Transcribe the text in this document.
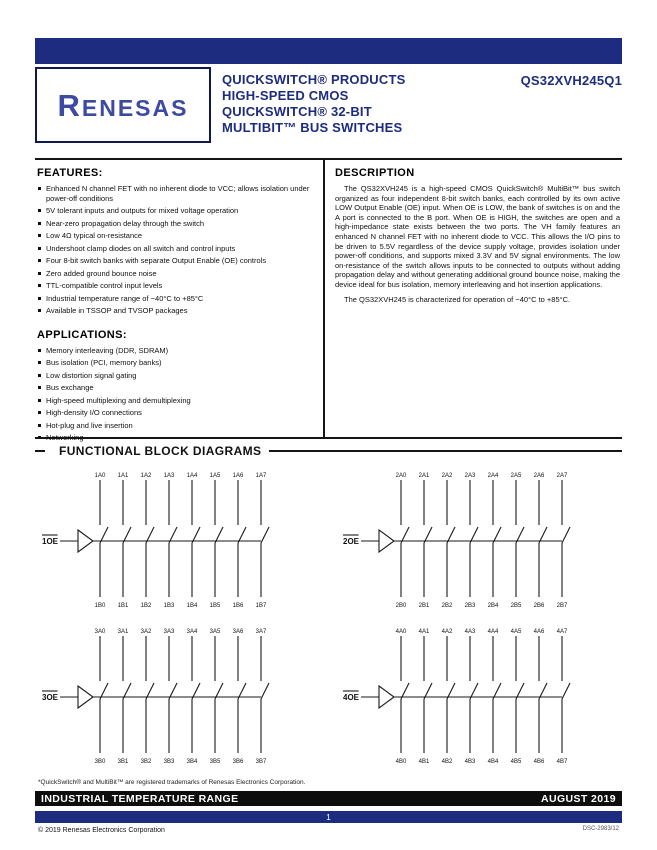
RENESAS
QS32XVH245Q1
QUICKSWITCH® PRODUCTS
HIGH-SPEED CMOS
QUICKSWITCH® 32-BIT
MULTIBIT™ BUS SWITCHES
FEATURES:
Enhanced N channel FET with no inherent diode to VCC; allows isolation under power-off conditions
5V tolerant inputs and outputs for mixed voltage operation
Near-zero propagation delay through the switch
Low 4Ω typical on-resistance
Undershoot clamp diodes on all switch and control inputs
Four 8-bit switch banks with separate Output Enable (OE) controls
Zero added ground bounce noise
TTL-compatible control input levels
Industrial temperature range of −40°C to +85°C
Available in TSSOP and TVSOP packages
APPLICATIONS:
Memory interleaving (DDR, SDRAM)
Bus isolation (PCI, memory banks)
Low distortion signal gating
Bus exchange
High-speed multiplexing and demultiplexing
High-density I/O connections
Hot-plug and live insertion
Networking
DESCRIPTION

The QS32XVH245 is a high-speed CMOS QuickSwitch® MultiBit™ bus switch organized as four independent 8-bit switch banks, each controlled by its own active LOW Output Enable (OE) input. When OE is LOW, the bank of switches is on and the A port is connected to the B port. When OE is HIGH, the switches are open and a high-impedance state exists between the two ports. The VH family features an enhanced N channel FET with no inherent diode to VCC. This allows the I/O pins to be driven to 5.5V regardless of the device supply voltage, provides isolation under power-off conditions, and supports mixed 3.3V and 5V signal environments. The low on-resistance of the switch allows inputs to be connected to outputs without adding propagation delay and without generating additional ground bounce noise, making the device ideal for bus isolation, memory interleaving and hot insertion applications.

The QS32XVH245 is characterized for operation of −40°C to +85°C.

FUNCTIONAL BLOCK DIAGRAMS
1OE
1A0
1B0
1A1
1B1
1A2
1B2
1A3
1B3
1A4
1B4
1A5
1B5
1A6
1B6
1A7
1B7
2OE
2A0
2B0
2A1
2B1
2A2
2B2
2A3
2B3
2A4
2B4
2A5
2B5
2A6
2B6
2A7
2B7
3OE
3A0
3B0
3A1
3B1
3A2
3B2
3A3
3B3
3A4
3B4
3A5
3B5
3A6
3B6
3A7
3B7
4OE
4A0
4B0
4A1
4B1
4A2
4B2
4A3
4B3
4A4
4B4
4A5
4B5
4A6
4B6
4A7
4B7
*QuickSwitch® and MultiBit™ are registered trademarks of Renesas Electronics Corporation.
INDUSTRIAL TEMPERATURE RANGE	AUGUST 2019
1
© 2019 Renesas Electronics Corporation	DSC-2983/12
